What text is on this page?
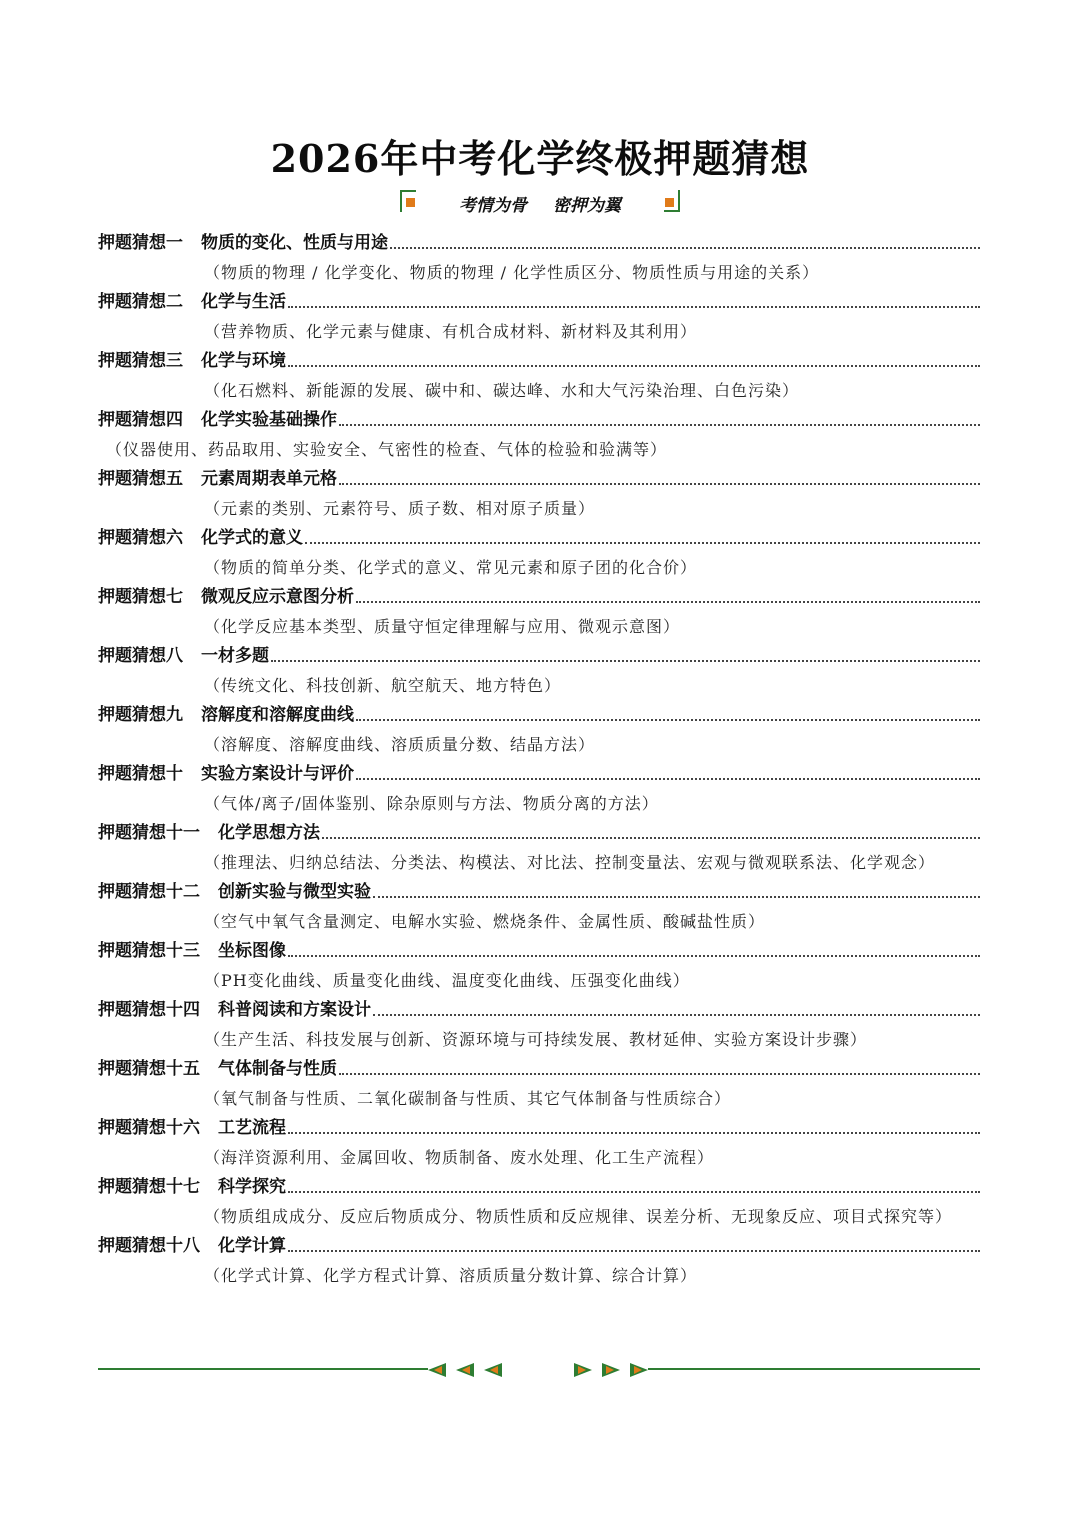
2026年中考化学终极押题猜想
考情为骨 密押为翼
押题猜想一 物质的变化、性质与用途
（物质的物理 / 化学变化、物质的物理 / 化学性质区分、物质性质与用途的关系）
押题猜想二 化学与生活
（营养物质、化学元素与健康、有机合成材料、新材料及其利用）
押题猜想三 化学与环境
（化石燃料、新能源的发展、碳中和、碳达峰、水和大气污染治理、白色污染）
押题猜想四 化学实验基础操作
（仪器使用、药品取用、实验安全、气密性的检查、气体的检验和验满等）
押题猜想五 元素周期表单元格
（元素的类别、元素符号、质子数、相对原子质量）
押题猜想六 化学式的意义
（物质的简单分类、化学式的意义、常见元素和原子团的化合价）
押题猜想七 微观反应示意图分析
（化学反应基本类型、质量守恒定律理解与应用、微观示意图）
押题猜想八 一材多题
（传统文化、科技创新、航空航天、地方特色）
押题猜想九 溶解度和溶解度曲线
（溶解度、溶解度曲线、溶质质量分数、结晶方法）
押题猜想十 实验方案设计与评价
（气体/离子/固体鉴别、除杂原则与方法、物质分离的方法）
押题猜想十一 化学思想方法
（推理法、归纳总结法、分类法、构模法、对比法、控制变量法、宏观与微观联系法、化学观念）
押题猜想十二 创新实验与微型实验
（空气中氧气含量测定、电解水实验、燃烧条件、金属性质、酸碱盐性质）
押题猜想十三 坐标图像
（PH变化曲线、质量变化曲线、温度变化曲线、压强变化曲线）
押题猜想十四 科普阅读和方案设计
（生产生活、科技发展与创新、资源环境与可持续发展、教材延伸、实验方案设计步骤）
押题猜想十五 气体制备与性质
（氧气制备与性质、二氧化碳制备与性质、其它气体制备与性质综合）
押题猜想十六 工艺流程
（海洋资源利用、金属回收、物质制备、废水处理、化工生产流程）
押题猜想十七 科学探究
（物质组成成分、反应后物质成分、物质性质和反应规律、误差分析、无现象反应、项目式探究等）
押题猜想十八 化学计算
（化学式计算、化学方程式计算、溶质质量分数计算、综合计算）
